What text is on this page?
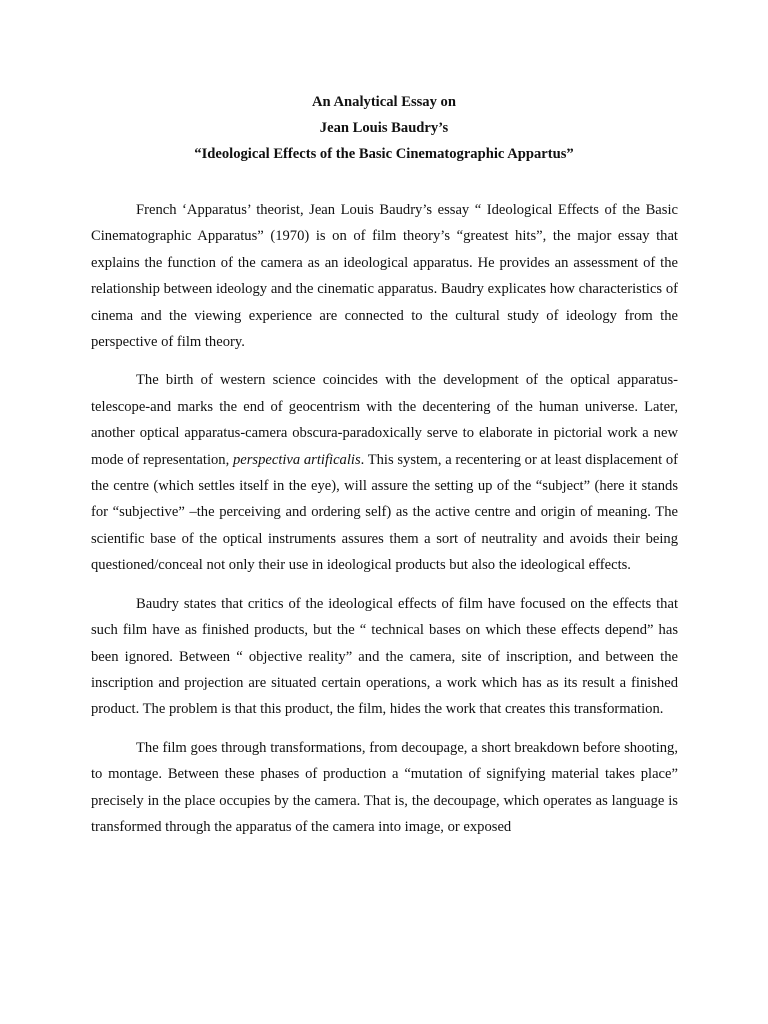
An Analytical Essay on
Jean Louis Baudry’s
“Ideological Effects of the Basic Cinematographic Appartus”

French ‘Apparatus’ theorist, Jean Louis Baudry’s essay “ Ideological Effects of the Basic Cinematographic Apparatus” (1970) is on of film theory’s “greatest hits”, the major essay that explains the function of the camera as an ideological apparatus. He provides an assessment of the relationship between ideology and the cinematic apparatus. Baudry explicates how characteristics of cinema and the viewing experience are connected to the cultural study of ideology from the perspective of film theory.

The birth of western science coincides with the development of the optical apparatus-telescope-and marks the end of geocentrism with the decentering of the human universe. Later, another optical apparatus-camera obscura-paradoxically serve to elaborate in pictorial work a new mode of representation, perspectiva artificalis. This system, a recentering or at least displacement of the centre (which settles itself in the eye), will assure the setting up of the “subject” (here it stands for “subjective” –the perceiving and ordering self) as the active centre and origin of meaning. The scientific base of the optical instruments assures them a sort of neutrality and avoids their being questioned/conceal not only their use in ideological products but also the ideological effects.

Baudry states that critics of the ideological effects of film have focused on the effects that such film have as finished products, but the “ technical bases on which these effects depend” has been ignored. Between “ objective reality” and the camera, site of inscription, and between the inscription and projection are situated certain operations, a work which has as its result a finished product. The problem is that this product, the film, hides the work that creates this transformation.

The film goes through transformations, from decoupage, a short breakdown before shooting, to montage. Between these phases of production a “mutation of signifying material takes place” precisely in the place occupies by the camera. That is, the decoupage, which operates as language is transformed through the apparatus of the camera into image, or exposed
